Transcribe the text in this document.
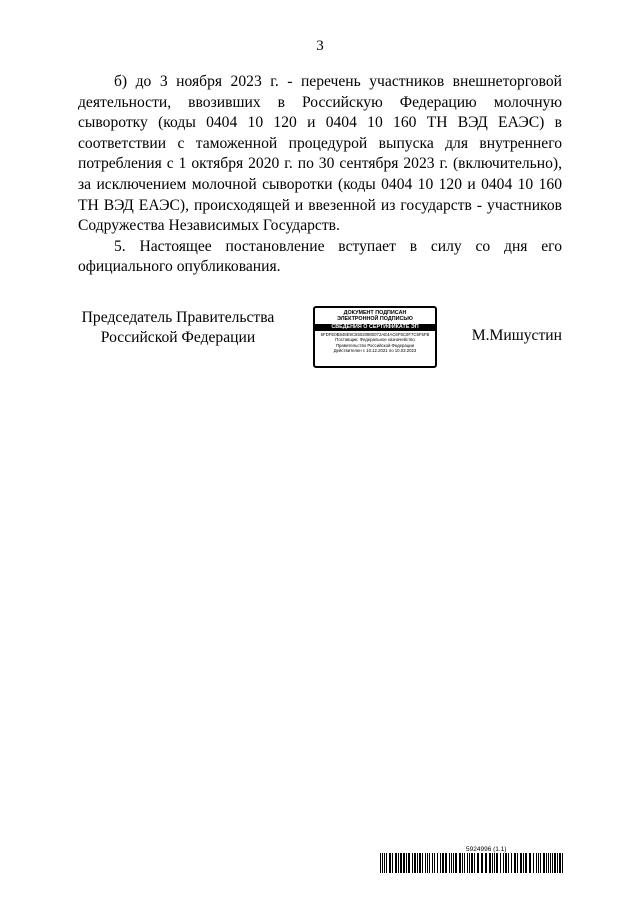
3

б) до 3 ноября 2023 г. - перечень участников внешнеторговой деятельности, ввозивших в Российскую Федерацию молочную сыворотку (коды 0404 10 120 и 0404 10 160 ТН ВЭД ЕАЭС) в соответствии с таможенной процедурой выпуска для внутреннего потребления с 1 октября 2020 г. по 30 сентября 2023 г. (включительно), за исключением молочной сыворотки (коды 0404 10 120 и 0404 10 160 ТН ВЭД ЕАЭС), происходящей и ввезенной из государств - участников Содружества Независимых Государств.

5. Настоящее постановление вступает в силу со дня его официального опубликования.

Председатель Правительства
Российской Федерации
ДОКУМЕНТ ПОДПИСАН
ЭЛЕКТРОННОЙ ПОДПИСЬЮ
СВЕДЕНИЯ О СЕРТИФИКАТЕ ЭП
5FDFE0B848E9C55020880072AE4AC6F5C0F7C5F5FB
Поставщик: Федеральное казначейство
Правительство Российской Федерации
Действителен с 10.12.2021 по 10.03.2023
М.Мишустин
5924996 (1.1)
